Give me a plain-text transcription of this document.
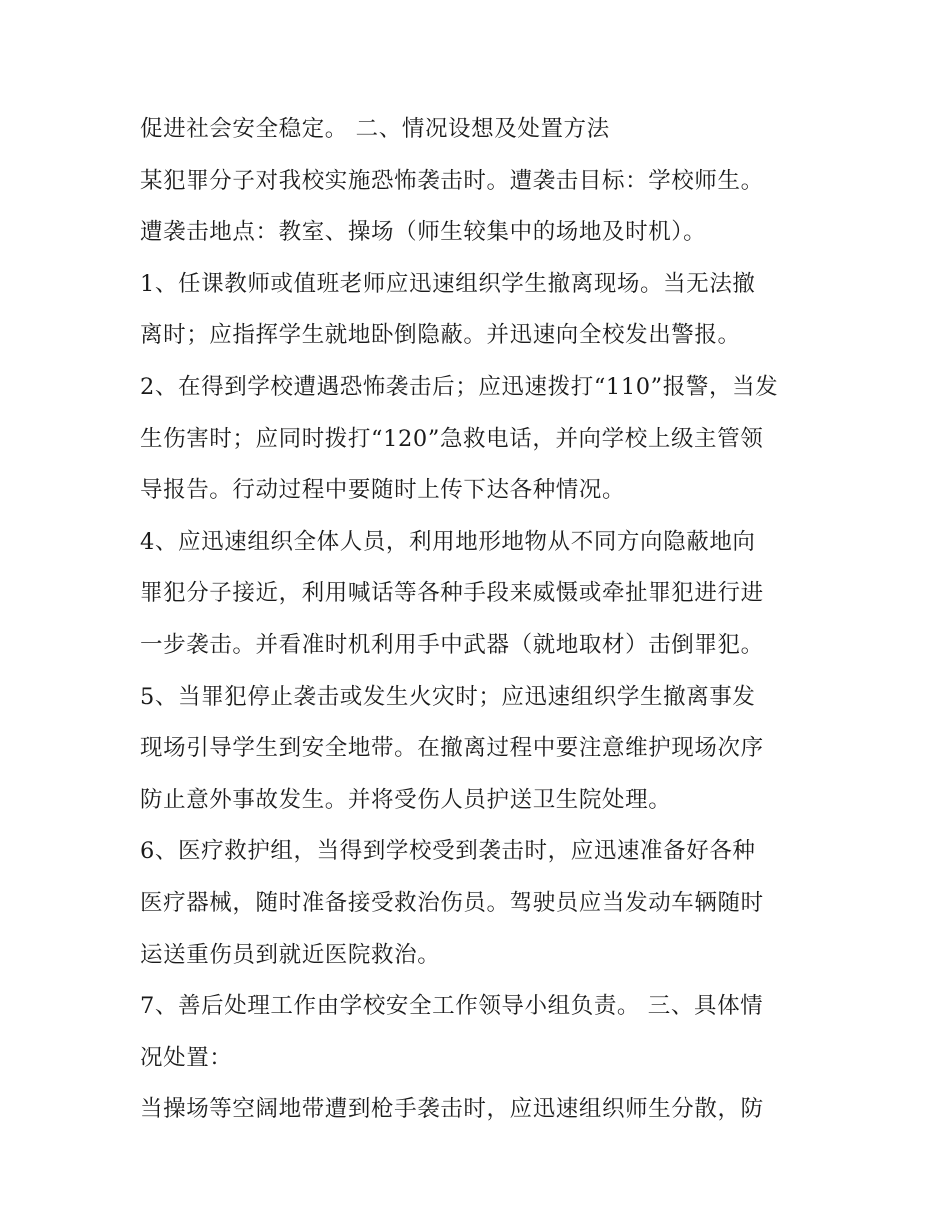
促进社会安全稳定。 二、情况设想及处置方法
某犯罪分子对我校实施恐怖袭击时。遭袭击目标：学校师生。
遭袭击地点：教室、操场（师生较集中的场地及时机）。
1、任课教师或值班老师应迅速组织学生撤离现场。当无法撤
离时；应指挥学生就地卧倒隐蔽。并迅速向全校发出警报。
2、在得到学校遭遇恐怖袭击后；应迅速拨打“110”报警，当发
生伤害时；应同时拨打“120”急救电话，并向学校上级主管领
导报告。行动过程中要随时上传下达各种情况。
4、应迅速组织全体人员，利用地形地物从不同方向隐蔽地向
罪犯分子接近，利用喊话等各种手段来威慑或牵扯罪犯进行进
一步袭击。并看准时机利用手中武器（就地取材）击倒罪犯。
5、当罪犯停止袭击或发生火灾时；应迅速组织学生撤离事发
现场引导学生到安全地带。在撤离过程中要注意维护现场次序
防止意外事故发生。并将受伤人员护送卫生院处理。
6、医疗救护组，当得到学校受到袭击时，应迅速准备好各种
医疗器械，随时准备接受救治伤员。驾驶员应当发动车辆随时
运送重伤员到就近医院救治。
7、善后处理工作由学校安全工作领导小组负责。 三、具体情
况处置：
当操场等空阔地带遭到枪手袭击时，应迅速组织师生分散，防
